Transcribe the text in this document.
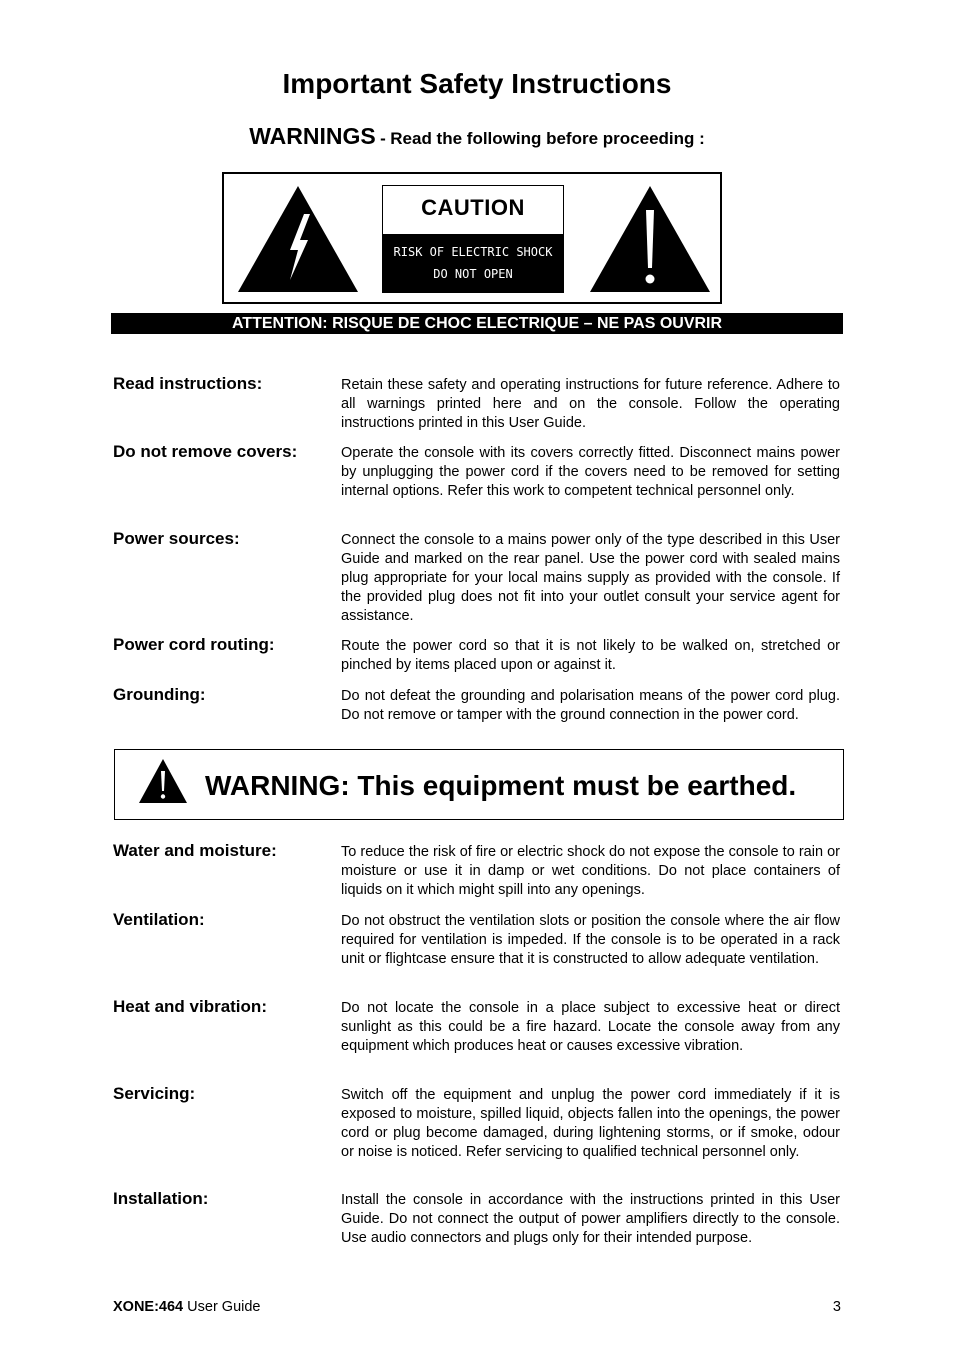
Important Safety Instructions
WARNINGS - Read the following before proceeding :
CAUTION
RISK OF ELECTRIC SHOCK
DO NOT OPEN
ATTENTION: RISQUE DE CHOC ELECTRIQUE – NE PAS OUVRIR
Read instructions:	Retain these safety and operating instructions for future reference. Adhere to all warnings printed here and on the console. Follow the operating instructions printed in this User Guide.
Do not remove covers:	Operate the console with its covers correctly fitted. Disconnect mains power by unplugging the power cord if the covers need to be removed for setting internal options. Refer this work to competent technical personnel only.
Power sources:	Connect the console to a mains power only of the type described in this User Guide and marked on the rear panel. Use the power cord with sealed mains plug appropriate for your local mains supply as provided with the console. If the provided plug does not fit into your outlet consult your service agent for assistance.
Power cord routing:	Route the power cord so that it is not likely to be walked on, stretched or pinched by items placed upon or against it.
Grounding:	Do not defeat the grounding and polarisation means of the power cord plug. Do not remove or tamper with the ground connection in the power cord.
WARNING: This equipment must be earthed.
Water and moisture:	To reduce the risk of fire or electric shock do not expose the console to rain or moisture or use it in damp or wet conditions. Do not place containers of liquids on it which might spill into any openings.
Ventilation:	Do not obstruct the ventilation slots or position the console where the air flow required for ventilation is impeded. If the console is to be operated in a rack unit or flightcase ensure that it is constructed to allow adequate ventilation.
Heat and vibration:	Do not locate the console in a place subject to excessive heat or direct sunlight as this could be a fire hazard. Locate the console away from any equipment which produces heat or causes excessive vibration.
Servicing:	Switch off the equipment and unplug the power cord immediately if it is exposed to moisture, spilled liquid, objects fallen into the openings, the power cord or plug become damaged, during lightening storms, or if smoke, odour or noise is noticed. Refer servicing to qualified technical personnel only.
Installation:	Install the console in accordance with the instructions printed in this User Guide. Do not connect the output of power amplifiers directly to the console. Use audio connectors and plugs only for their intended purpose.
XONE:464 User Guide	3
